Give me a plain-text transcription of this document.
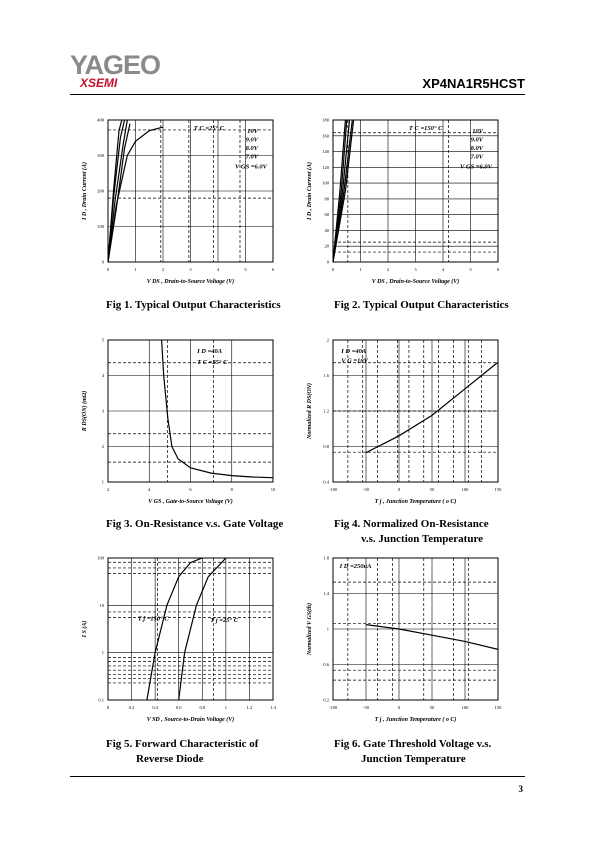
YAGEO
XSEMI	XP4NA1R5HCST
0	1	2	3	4	5	6
0
100
200
300
400
T C =25° C	10V
9.0V
8.0V
7.0V
V GS =6.0V
V DS , Drain-to-Source Voltage (V)
I D , Drain Current (A)
Fig 1. Typical Output Characteristics
0	1	2	3	4	5	6
0
20
40
60
80
100
120
140
160
180
T C =150° C	10V
9.0V
8.0V
7.0V
V GS =6.0V
V DS , Drain-to-Source Voltage (V)
I D , Drain Current (A)
Fig 2. Typical Output Characteristics
2	4	6	8	10
1
2
3
4
5
I D =40A
T C =25° C
V GS , Gate-to-Source Voltage (V)
R DS(ON) (mΩ)
Fig 3. On-Resistance v.s. Gate Voltage
-100	-50	0	50	100	150
0.4
0.8
1.2
1.6
2
I D =40A
V G =10V
T j , Junction Temperature ( o C)
Normalized R DS(ON)
Fig 4. Normalized On-Resistance
v.s. Junction Temperature
0	0.2	0.4	0.6	0.8	1	1.2	1.4
0.1
1
10
100
T j =150° C	T j =25° C
V SD , Source-to-Drain Voltage (V)
I S (A)
Fig 5. Forward Characteristic of
Reverse Diode
-100	-50	0	50	100	150
0.2
0.6
1
1.4
1.8
I D =250uA
T j , Junction Temperature ( o C)
Normalized V GS(th)
Fig 6. Gate Threshold Voltage v.s.
Junction Temperature
3
